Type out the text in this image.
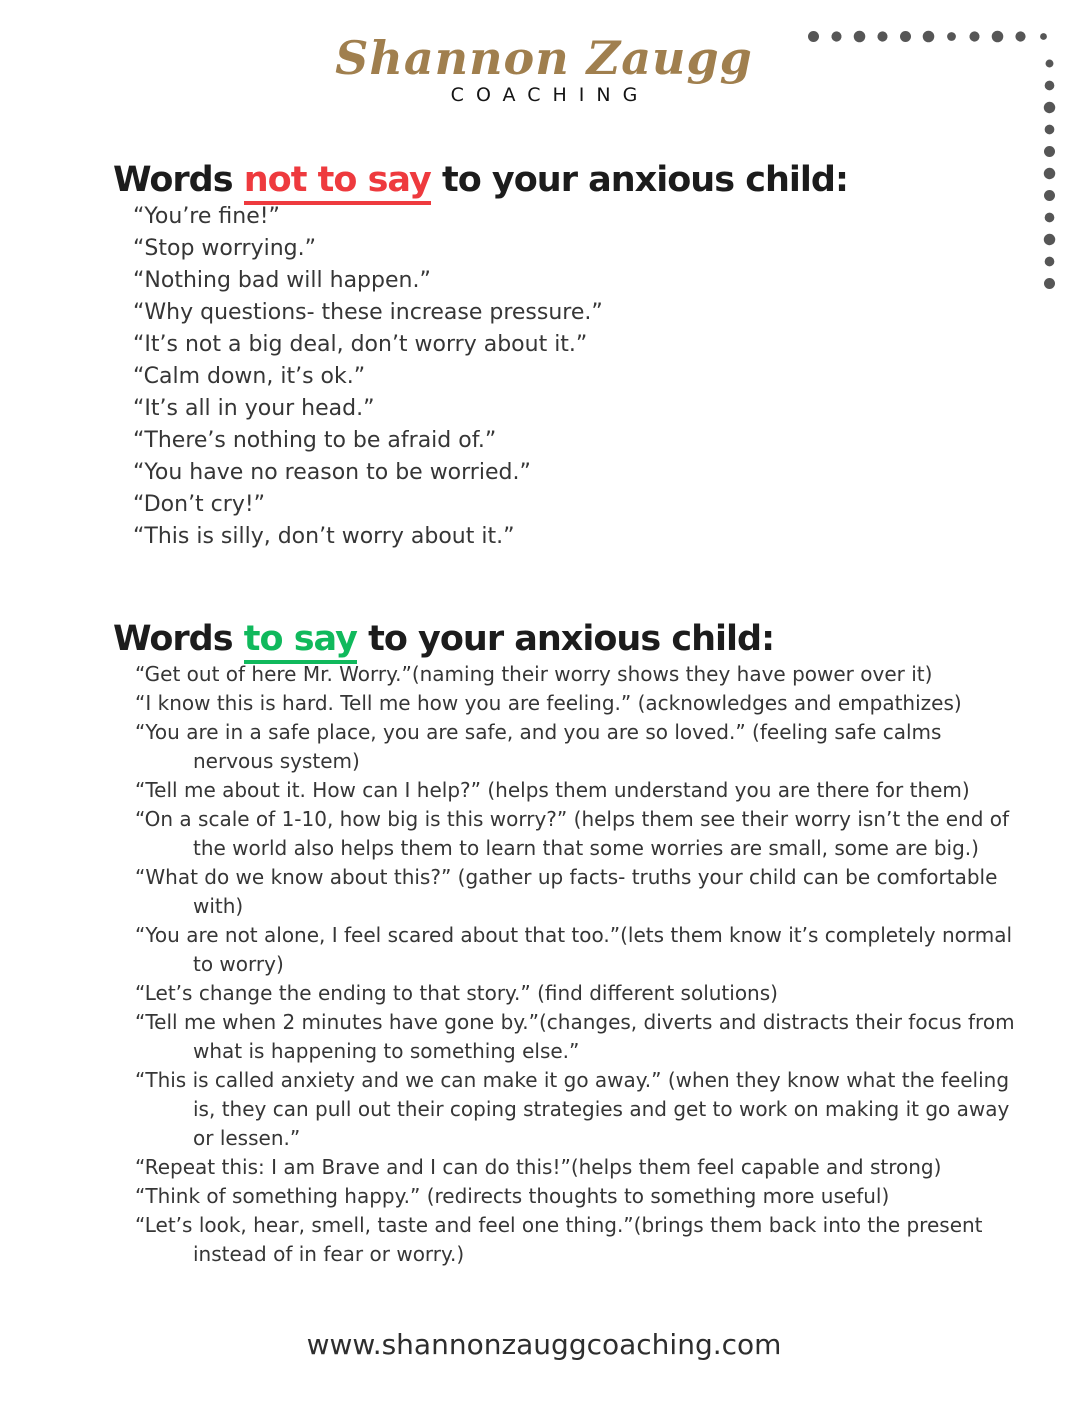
Shannon Zaugg
COACHING
Words not to say to your anxious child:
“You’re fine!”
“Stop worrying.”
“Nothing bad will happen.”
“Why questions- these increase pressure.”
“It’s not a big deal, don’t worry about it.”
“Calm down, it’s ok.”
“It’s all in your head.”
“There’s nothing to be afraid of.”
“You have no reason to be worried.”
“Don’t cry!”
“This is silly, don’t worry about it.”
Words to say to your anxious child:
“Get out of here Mr. Worry.”(naming their worry shows they have power over it)
“I know this is hard. Tell me how you are feeling.” (acknowledges and empathizes)
“You are in a safe place, you are safe, and you are so loved.” (feeling safe calms nervous system)
“Tell me about it. How can I help?” (helps them understand you are there for them)
“On a scale of 1-10, how big is this worry?” (helps them see their worry isn’t the end of the world also helps them to learn that some worries are small, some are big.)
“What do we know about this?” (gather up facts- truths your child can be comfortable with)
“You are not alone, I feel scared about that too.”(lets them know it’s completely normal to worry)
“Let’s change the ending to that story.” (find different solutions)
“Tell me when 2 minutes have gone by.”(changes, diverts and distracts their focus from what is happening to something else.”
“This is called anxiety and we can make it go away.” (when they know what the feeling is, they can pull out their coping strategies and get to work on making it go away or lessen.”
“Repeat this: I am Brave and I can do this!”(helps them feel capable and strong)
“Think of something happy.” (redirects thoughts to something more useful)
“Let’s look, hear, smell, taste and feel one thing.”(brings them back into the present instead of in fear or worry.)
www.shannonzauggcoaching.com
